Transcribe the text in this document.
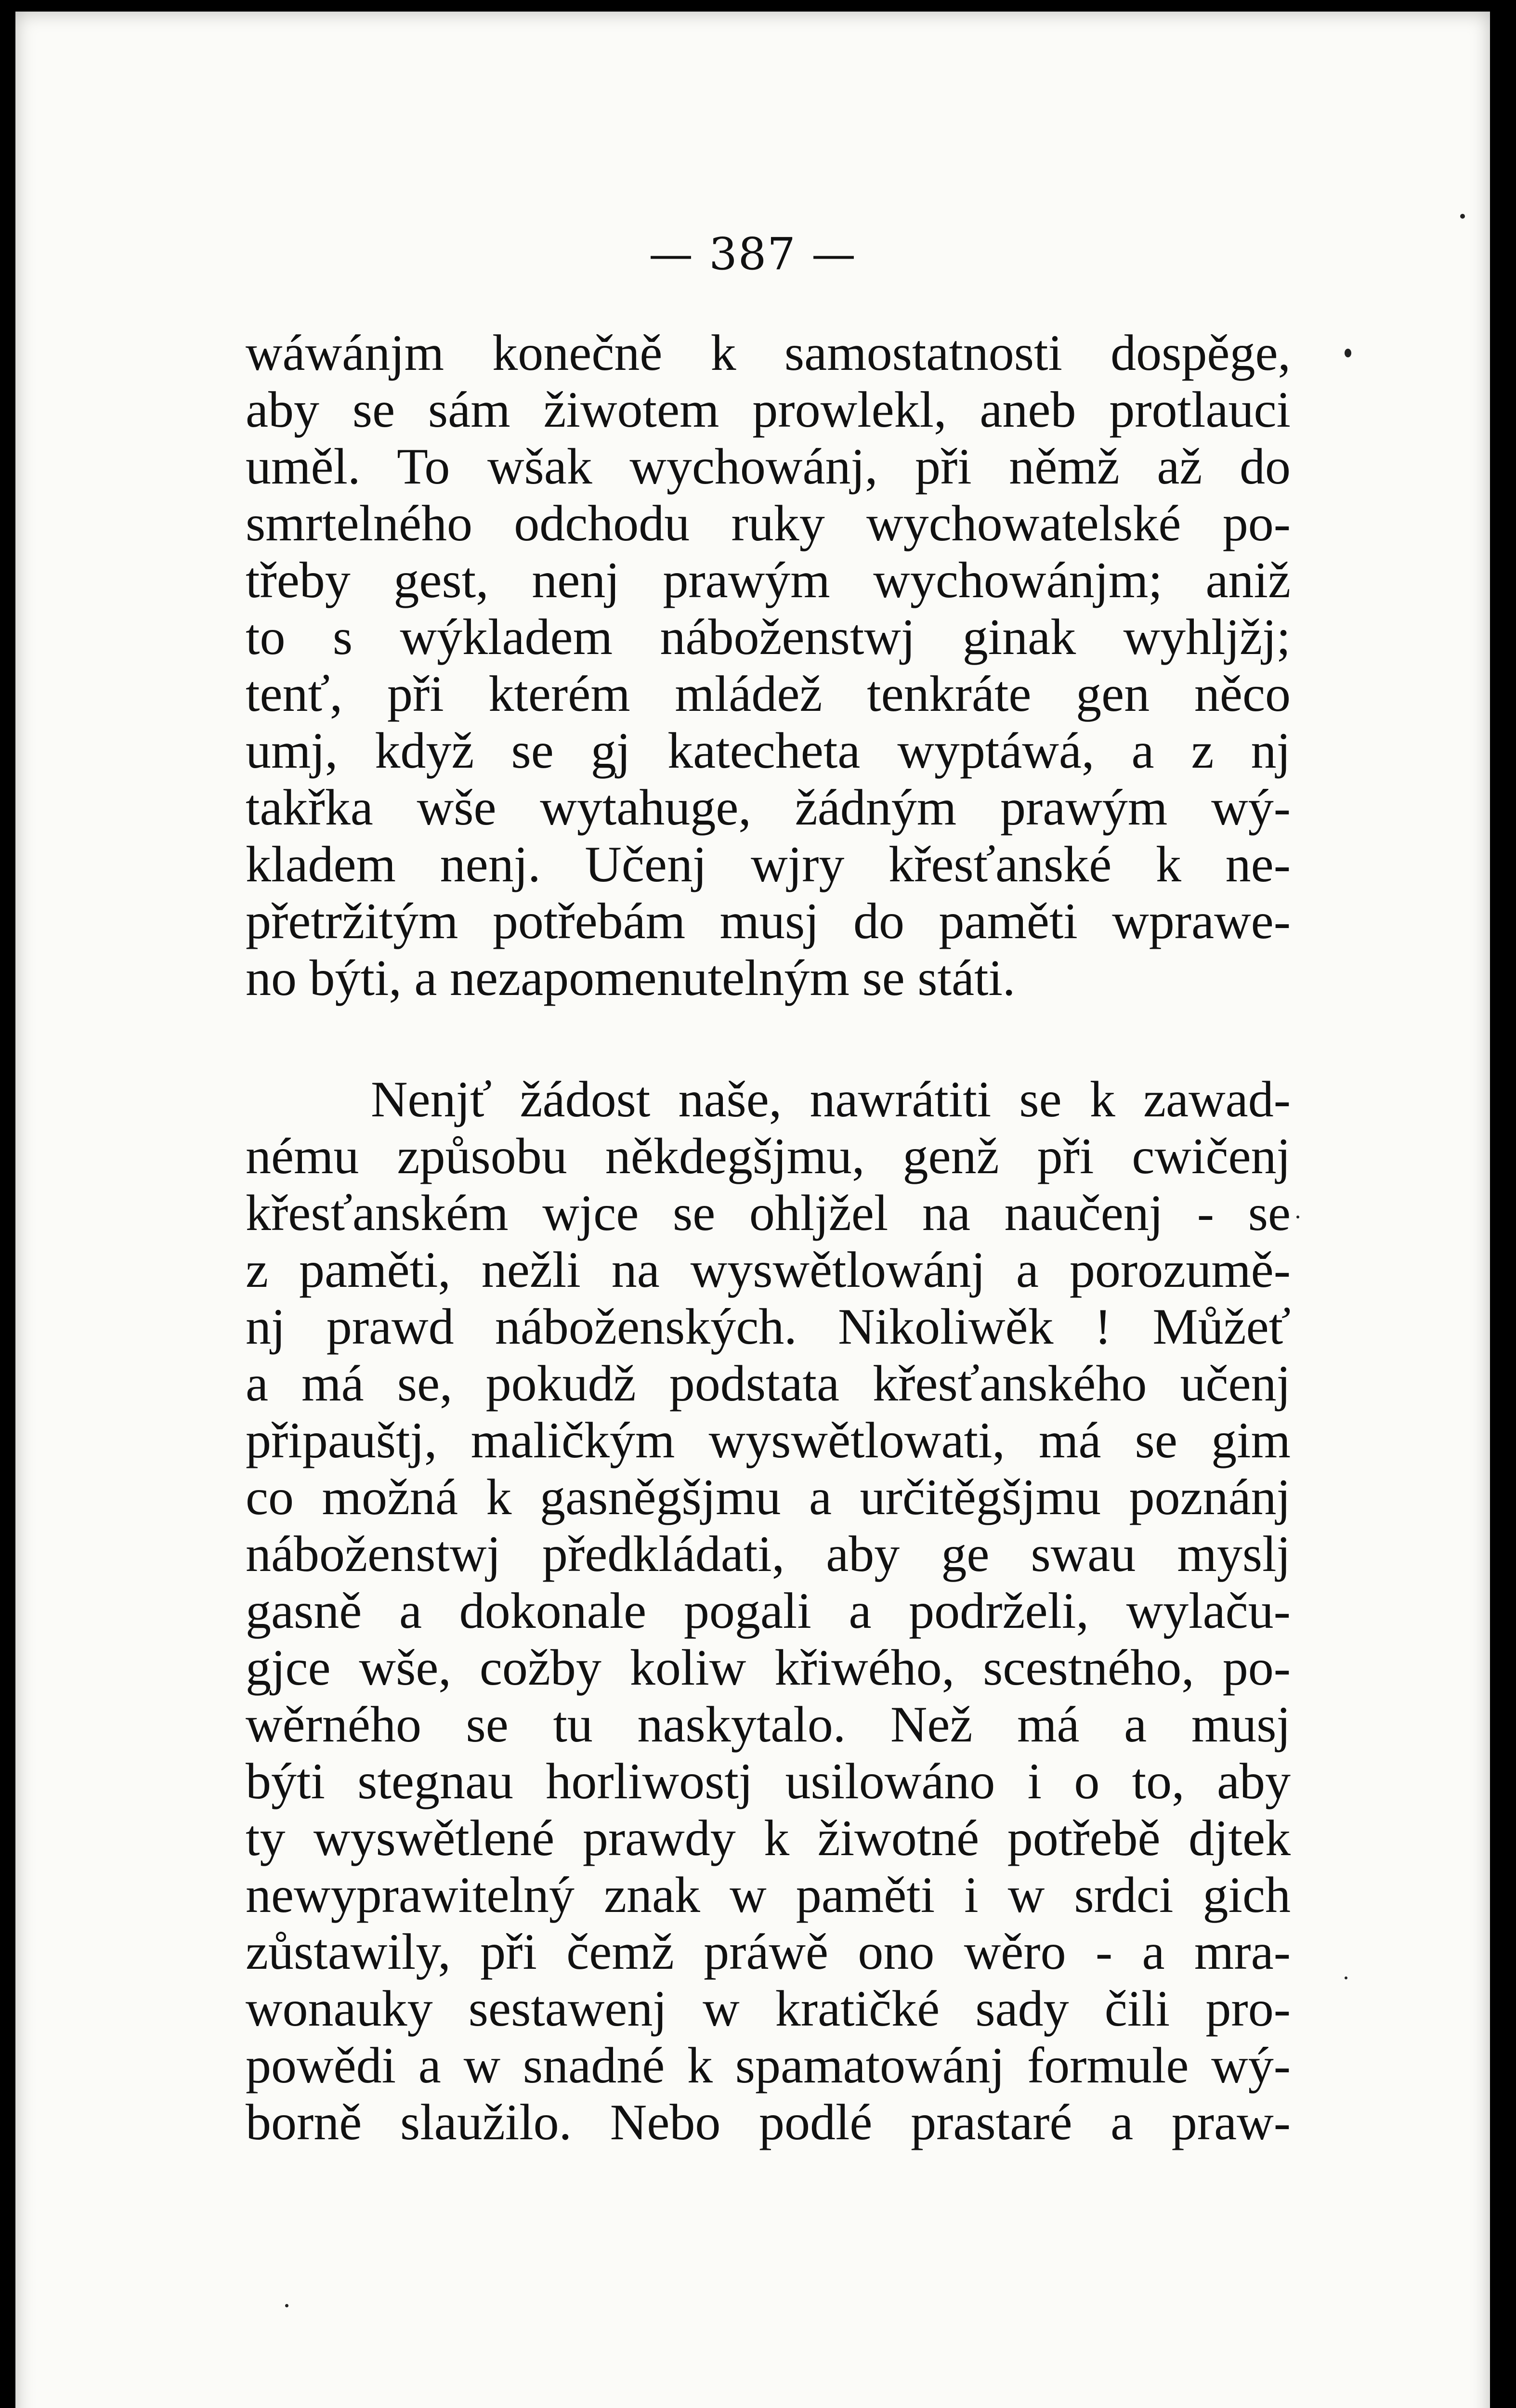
— 387 —
wáwánjm konečně k samostatnosti dospěge,
aby se sám žiwotem prowlekl, aneb protlauci
uměl. To wšak wychowánj, při němž až do
smrtelného odchodu ruky wychowatelské po-
třeby gest, nenj prawým wychowánjm; aniž
to s wýkladem náboženstwj ginak wyhljžj;
tenť, při kterém mládež tenkráte gen něco
umj, když se gj katecheta wyptáwá, a z nj
takřka wše wytahuge, žádným prawým wý-
kladem nenj. Učenj wjry křesťanské k ne-
přetržitým potřebám musj do paměti wprawe-
no býti, a nezapomenutelným se státi.
Nenjť žádost naše, nawrátiti se k zawad-
nému způsobu někdegšjmu, genž při cwičenj
křesťanském wjce se ohljžel na naučenj - se
z paměti, nežli na wyswětlowánj a porozumě-
nj prawd náboženských. Nikoliwěk ! Můžeť
a má se, pokudž podstata křesťanského učenj
připauštj, maličkým wyswětlowati, má se gim
co možná k gasněgšjmu a určitěgšjmu poznánj
náboženstwj předkládati, aby ge swau myslj
gasně a dokonale pogali a podrželi, wylaču-
gjce wše, cožby koliw křiwého, scestného, po-
wěrného se tu naskytalo. Než má a musj
býti stegnau horliwostj usilowáno i o to, aby
ty wyswětlené prawdy k žiwotné potřebě djtek
newyprawitelný znak w paměti i w srdci gich
zůstawily, při čemž práwě ono wěro - a mra-
wonauky sestawenj w kratičké sady čili pro-
powědi a w snadné k spamatowánj formule wý-
borně slaužilo. Nebo podlé prastaré a praw-
